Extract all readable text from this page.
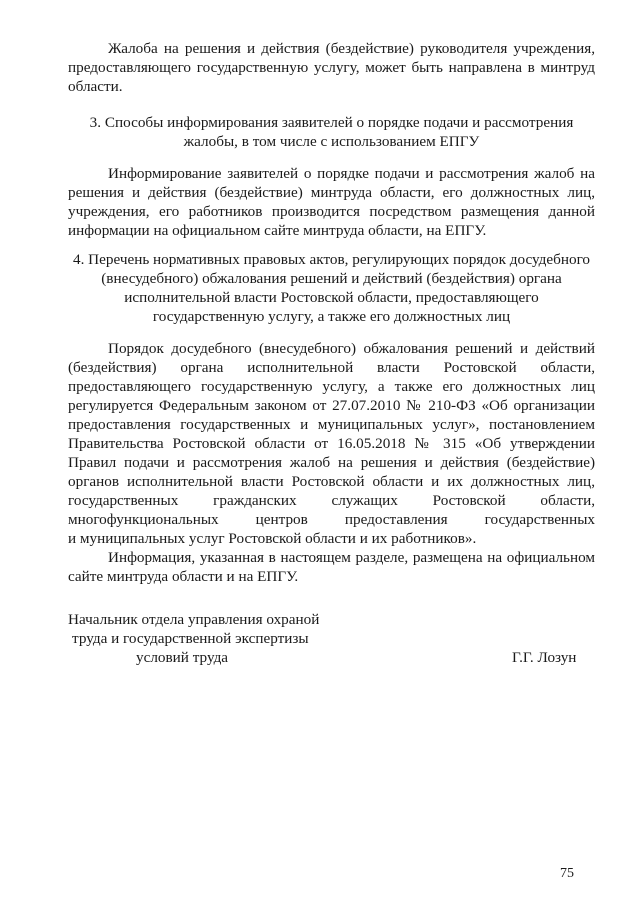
Жалоба на решения и действия (бездействие) руководителя учреждения,
предоставляющего государственную услугу, может быть направлена в минтруд
области.
3. Способы информирования заявителей о порядке подачи и рассмотрения
жалобы, в том числе с использованием ЕПГУ
Информирование заявителей о порядке подачи и рассмотрения жалоб на
решения и действия (бездействие) минтруда области, его должностных лиц,
учреждения, его работников производится посредством размещения данной
информации на официальном сайте минтруда области, на ЕПГУ.
4. Перечень нормативных правовых актов, регулирующих порядок досудебного
(внесудебного) обжалования решений и действий (бездействия) органа
исполнительной власти Ростовской области, предоставляющего
государственную услугу, а также его должностных лиц
Порядок досудебного (внесудебного) обжалования решений и действий
(бездействия) органа исполнительной власти Ростовской области,
предоставляющего государственную услугу, а также его должностных лиц
регулируется Федеральным законом от 27.07.2010 № 210-ФЗ «Об организации
предоставления государственных и муниципальных услуг», постановлением
Правительства Ростовской области от 16.05.2018 № 315 «Об утверждении
Правил подачи и рассмотрения жалоб на решения и действия (бездействие)
органов исполнительной власти Ростовской области и их должностных лиц,
государственных гражданских служащих Ростовской области,
многофункциональных центров предоставления государственных
и муниципальных услуг Ростовской области и их работников».
Информация, указанная в настоящем разделе, размещена на официальном
сайте минтруда области и на ЕПГУ.
Начальник отдела управления охраной
труда и государственной экспертизы
условий труда	Г.Г. Лозун
75
